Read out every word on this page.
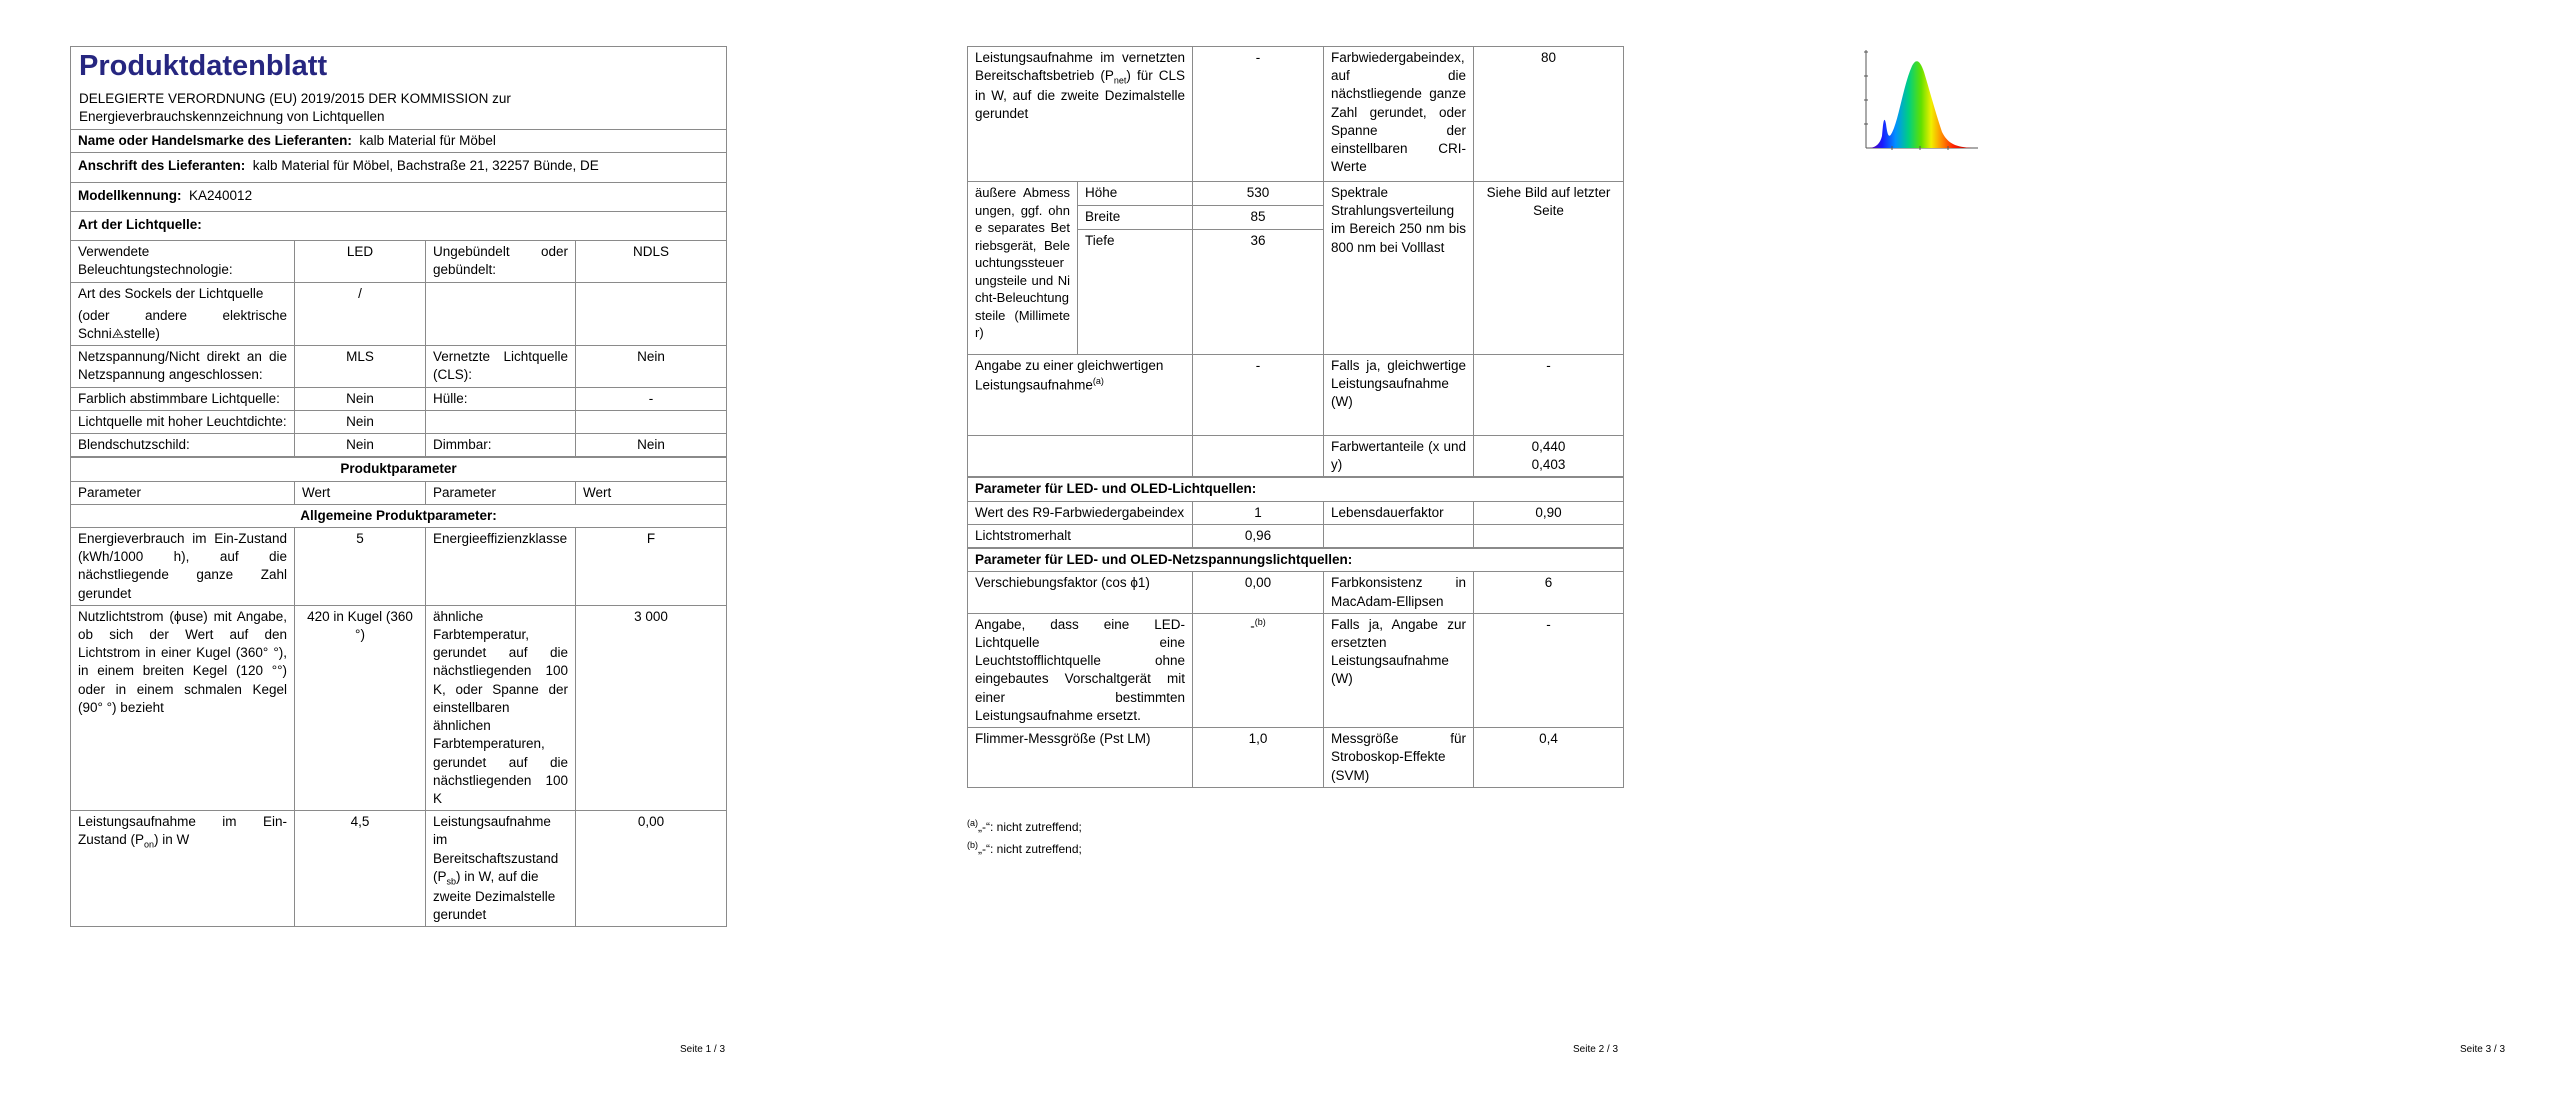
Produktdatenblatt
DELEGIERTE VERORDNUNG (EU) 2019/2015 DER KOMMISSION zur Energieverbrauchskennzeichnung von Lichtquellen			

Name oder Handelsmarke des Lieferanten: kalb Material für Möbel			
Anschrift des Lieferanten: kalb Material für Möbel, Bachstraße 21, 32257 Bünde, DE			
Modellkennung: KA240012			
Art der Lichtquelle:			
Verwendete Beleuchtungstechnologie:	LED	Ungebündelt oder gebündelt:	NDLS

Art des Sockels der Lichtquelle
(oder andere elektrische Schni⨹stelle)	/		
Netzspannung/Nicht direkt an die Netzspannung angeschlossen:	MLS	Vernetzte Lichtquelle (CLS):	Nein
Farblich abstimmbare Lichtquelle:	Nein	Hülle:	-
Lichtquelle mit hoher Leuchtdichte:	Nein		
Blendschutzschild:	Nein	Dimmbar:	Nein
Produktparameter			
Parameter	Wert	Parameter	Wert
Allgemeine Produktparameter:			
Energieverbrauch im Ein-Zustand (kWh/1000 h), auf die nächstliegende ganze Zahl gerundet	5	Energieeffizienzklasse	F
Nutzlichtstrom (ϕuse) mit Angabe, ob sich der Wert auf den Lichtstrom in einer Kugel (360° °), in einem breiten Kegel (120 °°) oder in einem schmalen Kegel (90° °) bezieht	420 in Kugel (360 °)	ähnliche Farbtemperatur, gerundet auf die nächstliegenden 100 K, oder Spanne der einstellbaren ähnlichen Farbtemperaturen, gerundet auf die nächstliegenden 100 K	3 000
Leistungsaufnahme im Ein-Zustand $(P_{on})$ in W	4,5	Leistungsaufnahme im Bereitschaftszustand $(P_{sb})$ in W, auf die zweite Dezimalstelle gerundet	0,00
Seite 1 / 3
Leistungsaufnahme im vernetzten Bereitschaftsbetrieb $(P_{net})$ für CLS in W, auf die zweite Dezimalstelle gerundet		-	Farbwiedergabeindex, auf die nächstliegende ganze Zahl gerundet, oder Spanne der einstellbaren CRI-Werte	80
äußere Abmessungen, ggf. ohne separates Betriebsgerät, Beleuchtungssteuerungsteile und Nicht-Beleuchtungsteile (Millimeter)	Höhe	530	Spektrale Strahlungsverteilung im Bereich 250 nm bis 800 nm bei Volllast	Siehe Bild auf letzter Seite
	Breite	85		
	Tiefe	36		
Angabe zu einer gleichwertigen Leistungsaufnahme$^{(a)}$		-	Falls ja, gleichwertige Leistungsaufnahme (W)	-
			Farbwertanteile (x und y)	0,440
0,403

Parameter für LED- und OLED-Lichtquellen:				
Wert des R9-Farbwiedergabeindex		1	Lebensdauerfaktor	0,90
Lichtstromerhalt		0,96		
Parameter für LED- und OLED-Netzspannungslichtquellen:				
Verschiebungsfaktor (cos ϕ1)		0,00	Farbkonsistenz in MacAdam-Ellipsen	6
Angabe, dass eine LED-Lichtquelle eine Leuchtstofflichtquelle ohne eingebautes Vorschaltgerät mit einer bestimmten Leistungsaufnahme ersetzt.		-$^{(b)}$	Falls ja, Angabe zur ersetzten Leistungsaufnahme (W)	-
Flimmer-Messgröße (Pst LM)		1,0	Messgröße für Stroboskop-Effekte (SVM)	0,4
$^{(a)}$„-“: nicht zutreffend;
$^{(b)}$„-“: nicht zutreffend;
Seite 2 / 3	Seite 3 / 3
